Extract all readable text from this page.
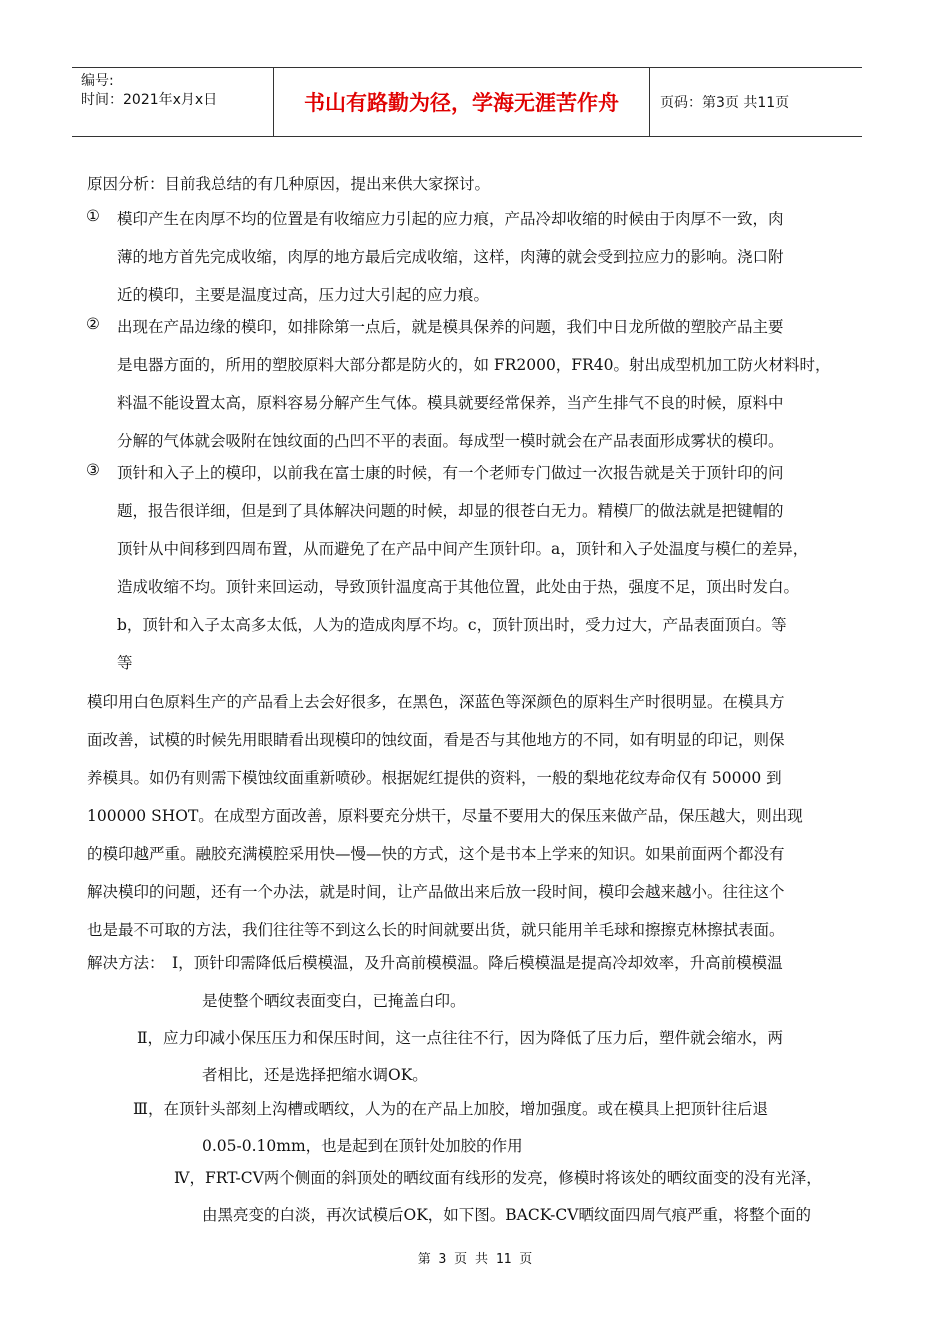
编号:
时间：2021年x月x日	书山有路勤为径，学海无涯苦作舟	页码：第3页 共11页
原因分析：目前我总结的有几种原因，提出来供大家探讨。
① 模印产生在肉厚不均的位置是有收缩应力引起的应力痕，产品冷却收缩的时候由于肉厚不一致，肉
薄的地方首先完成收缩，肉厚的地方最后完成收缩，这样，肉薄的就会受到拉应力的影响。浇口附
近的模印，主要是温度过高，压力过大引起的应力痕。
② 出现在产品边缘的模印，如排除第一点后，就是模具保养的问题，我们中日龙所做的塑胶产品主要
是电器方面的，所用的塑胶原料大部分都是防火的，如 FR2000，FR40。射出成型机加工防火材料时，
料温不能设置太高，原料容易分解产生气体。模具就要经常保养，当产生排气不良的时候，原料中
分解的气体就会吸附在蚀纹面的凸凹不平的表面。每成型一模时就会在产品表面形成雾状的模印。
③ 顶针和入子上的模印，以前我在富士康的时候，有一个老师专门做过一次报告就是关于顶针印的问
题，报告很详细，但是到了具体解决问题的时候，却显的很苍白无力。精模厂的做法就是把键帽的
顶针从中间移到四周布置，从而避免了在产品中间产生顶针印。a，顶针和入子处温度与模仁的差异，
造成收缩不均。顶针来回运动，导致顶针温度高于其他位置，此处由于热，强度不足，顶出时发白。
b，顶针和入子太高多太低，人为的造成肉厚不均。c，顶针顶出时，受力过大，产品表面顶白。等
等
模印用白色原料生产的产品看上去会好很多，在黑色，深蓝色等深颜色的原料生产时很明显。在模具方
面改善，试模的时候先用眼睛看出现模印的蚀纹面，看是否与其他地方的不同，如有明显的印记，则保
养模具。如仍有则需下模蚀纹面重新喷砂。根据妮红提供的资料，一般的梨地花纹寿命仅有 50000 到
100000 SHOT。在成型方面改善，原料要充分烘干，尽量不要用大的保压来做产品，保压越大，则出现
的模印越严重。融胶充满模腔采用快—慢—快的方式，这个是书本上学来的知识。如果前面两个都没有
解决模印的问题，还有一个办法，就是时间，让产品做出来后放一段时间，模印会越来越小。往往这个
也是最不可取的方法，我们往往等不到这么长的时间就要出货，就只能用羊毛球和擦擦克林擦拭表面。
解决方法： Ⅰ，顶针印需降低后模模温，及升高前模模温。降后模模温是提高冷却效率，升高前模模温
是使整个晒纹表面变白，已掩盖白印。
Ⅱ，应力印减小保压压力和保压时间，这一点往往不行，因为降低了压力后，塑件就会缩水，两
者相比，还是选择把缩水调OK。
Ⅲ，在顶针头部刻上沟槽或晒纹，人为的在产品上加胶，增加强度。或在模具上把顶针往后退
0.05-0.10mm，也是起到在顶针处加胶的作用
Ⅳ，FRT-CV两个侧面的斜顶处的晒纹面有线形的发亮，修模时将该处的晒纹面变的没有光泽，
由黑亮变的白淡，再次试模后OK，如下图。BACK-CV晒纹面四周气痕严重，将整个面的
第 3 页 共 11 页
